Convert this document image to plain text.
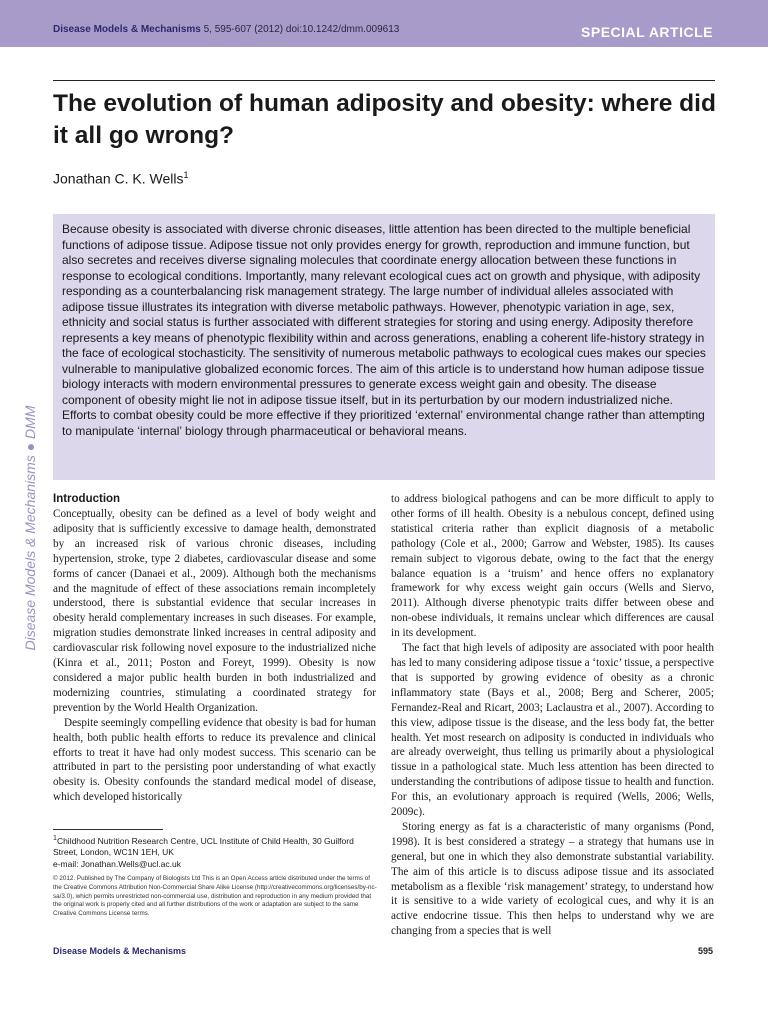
Disease Models & Mechanisms 5, 595-607 (2012) doi:10.1242/dmm.009613	SPECIAL ARTICLE
The evolution of human adiposity and obesity: where did it all go wrong?
Jonathan C. K. Wells$^1$
Because obesity is associated with diverse chronic diseases, little attention has been directed to the multiple beneficial functions of adipose tissue. Adipose tissue not only provides energy for growth, reproduction and immune function, but also secretes and receives diverse signaling molecules that coordinate energy allocation between these functions in response to ecological conditions. Importantly, many relevant ecological cues act on growth and physique, with adiposity responding as a counterbalancing risk management strategy. The large number of individual alleles associated with adipose tissue illustrates its integration with diverse metabolic pathways. However, phenotypic variation in age, sex, ethnicity and social status is further associated with different strategies for storing and using energy. Adiposity therefore represents a key means of phenotypic flexibility within and across generations, enabling a coherent life-history strategy in the face of ecological stochasticity. The sensitivity of numerous metabolic pathways to ecological cues makes our species vulnerable to manipulative globalized economic forces. The aim of this article is to understand how human adipose tissue biology interacts with modern environmental pressures to generate excess weight gain and obesity. The disease component of obesity might lie not in adipose tissue itself, but in its perturbation by our modern industrialized niche. Efforts to combat obesity could be more effective if they prioritized ‘external’ environmental change rather than attempting to manipulate ‘internal’ biology through pharmaceutical or behavioral means.
Disease Models & Mechanisms ● DMM Introduction

Conceptually, obesity can be defined as a level of body weight and adiposity that is sufficiently excessive to damage health, demonstrated by an increased risk of various chronic diseases, including hypertension, stroke, type 2 diabetes, cardiovascular disease and some forms of cancer (Danaei et al., 2009). Although both the mechanisms and the magnitude of effect of these associations remain incompletely understood, there is substantial evidence that secular increases in obesity herald complementary increases in such diseases. For example, migration studies demonstrate linked increases in central adiposity and cardiovascular risk following novel exposure to the industrialized niche (Kinra et al., 2011; Poston and Foreyt, 1999). Obesity is now considered a major public health burden in both industrialized and modernizing countries, stimulating a coordinated strategy for prevention by the World Health Organization.

Despite seemingly compelling evidence that obesity is bad for human health, both public health efforts to reduce its prevalence and clinical efforts to treat it have had only modest success. This scenario can be attributed in part to the persisting poor understanding of what exactly obesity is. Obesity confounds the standard medical model of disease, which developed historically

to address biological pathogens and can be more difficult to apply to other forms of ill health. Obesity is a nebulous concept, defined using statistical criteria rather than explicit diagnosis of a metabolic pathology (Cole et al., 2000; Garrow and Webster, 1985). Its causes remain subject to vigorous debate, owing to the fact that the energy balance equation is a ‘truism’ and hence offers no explanatory framework for why excess weight gain occurs (Wells and Siervo, 2011). Although diverse phenotypic traits differ between obese and non-obese individuals, it remains unclear which differences are causal in its development.

The fact that high levels of adiposity are associated with poor health has led to many considering adipose tissue a ‘toxic’ tissue, a perspective that is supported by growing evidence of obesity as a chronic inflammatory state (Bays et al., 2008; Berg and Scherer, 2005; Fernandez-Real and Ricart, 2003; Laclaustra et al., 2007). According to this view, adipose tissue is the disease, and the less body fat, the better health. Yet most research on adiposity is conducted in individuals who are already overweight, thus telling us primarily about a physiological tissue in a pathological state. Much less attention has been directed to understanding the contributions of adipose tissue to health and function. For this, an evolutionary approach is required (Wells, 2006; Wells, 2009c).

Storing energy as fat is a characteristic of many organisms (Pond, 1998). It is best considered a strategy – a strategy that humans use in general, but one in which they also demonstrate substantial variability. The aim of this article is to discuss adipose tissue and its associated metabolism as a flexible ‘risk management’ strategy, to understand how it is sensitive to a wide variety of ecological cues, and why it is an active endocrine tissue. This then helps to understand why we are changing from a species that is well

$^1$Childhood Nutrition Research Centre, UCL Institute of Child Health, 30 Guilford Street, London, WC1N 1EH, UK
e-mail: Jonathan.Wells@ucl.ac.uk
© 2012. Published by The Company of Biologists Ltd This is an Open Access article distributed under the terms of the Creative Commons Attribution Non-Commercial Share Alike License (http://creativecommons.org/licenses/by-nc-sa/3.0), which permits unrestricted non-commercial use, distribution and reproduction in any medium provided that the original work is properly cited and all further distributions of the work or adaptation are subject to the same Creative Commons License terms.
Disease Models & Mechanisms	595
